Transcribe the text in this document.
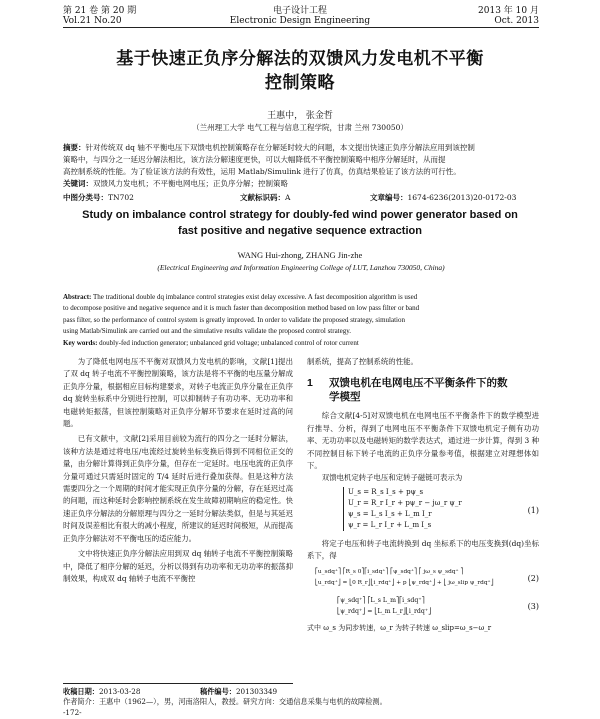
第 21 卷 第 20 期
Vol.21 No.20
电子设计工程
Electronic Design Engineering
2013 年 10 月
Oct. 2013
基于快速正负序分解法的双馈风力发电机不平衡
控制策略
王惠中， 张金哲
（兰州理工大学 电气工程与信息工程学院，甘肃 兰州 730050）
摘要：针对传统双 dq 轴不平衡电压下双馈电机控制策略存在分解延时较大的问题，本文提出快速正负序分解法应用到该控制
策略中，与四分之一延迟分解法相比，该方法分解速度更快，可以大幅降低不平衡控制策略中相序分解延时，从而提
高控制系统的性能。为了验证该方法的有效性，运用 Matlab/Simulink 进行了仿真，仿真结果验证了该方法的可行性。
关键词：双馈风力发电机；不平衡电网电压；正负序分解；控制策略
中图分类号：TN702	文献标识码：A	文章编号：1674-6236(2013)20-0172-03
Study on imbalance control strategy for doubly-fed wind power generator based on
fast positive and negative sequence extraction
WANG Hui-zhong, ZHANG Jin-zhe
(Electrical Engineering and Information Engineering College of LUT, Lanzhou 730050, China)
Abstract: The traditional double dq imbalance control strategies exist delay excessive. A fast decomposition algorithm is used
to decompose positive and negative sequence and it is much faster than decomposition method based on low pass filter or band
pass filter, so the performance of control system is greatly improved. In order to validate the proposed strategy, simulation
using Matlab/Simulink are carried out and the simulative results validate the proposed control strategy.
Key words: doubly-fed induction generator; unbalanced grid voltage; unbalanced control of rotor current

为了降低电网电压不平衡对双馈风力发电机的影响，文献[1]提出了双 dq 转子电流不平衡控制策略，该方法是将不平衡的电压量分解成正负序分量，根据相应目标构建要求，对转子电流正负序分量在正负序 dq 旋转坐标系中分别进行控制，可以抑制转子有功功率、无功功率和电磁转矩振荡，但该控制策略对正负序分解环节要求在延时过高的问题。

已有文献中，文献[2]采用目前较为流行的四分之一延时分解法，该种方法是通过将电压/电流经过旋转坐标变换后得到不同相位正交的量，由分解计算得到正负序分量，但存在一定延时。电压电流的正负序分量可通过只需延时固定的 T/4 延时后进行叠加获得。但是这种方法需要四分之一个周期的时间才能实现正负序分量的分解，存在延迟过高的问题，而这种延时会影响控制系统在发生故障初期响应的稳定性。快速正负序分解法的分解原理与四分之一延时分解法类似，但是与其延迟时间及误差相比有很大的减小程度，所建议的延迟时间极短，从而提高正负序分解法对不平衡电压的适应能力。

文中将快速正负序分解法应用到双 dq 轴转子电流不平衡控制策略中，降低了相序分解的延迟，分析以得到有功功率和无功功率的振荡抑制效果，构成双 dq 轴转子电流不平衡控

制系统，提高了控制系统的性能。
1	双馈电机在电网电压不平衡条件下的数
学模型

综合文献[4-5]对双馈电机在电网电压不平衡条件下的数学模型进行推导、分析，得到了电网电压不平衡条件下双馈电机定子侧有功功率、无功功率以及电磁转矩的数学表达式，通过进一步计算，得到 3 种不同控制目标下转子电流的正负序分量参考值，根据建立对理想体如下。

双馈电机定转子电压和定转子磁链可表示为

U_s = R_s I_s + pψ_s
U_r = R_r I_r + pψ_r − jω_r ψ_r
ψ_s = L_s I_s + L_m I_r
ψ_r = L_r I_r + L_m I_s
(1)

将定子电压和转子电流转换到 dq 坐标系下的电压变换到(dq)坐标系下，得

⎡u_sdq⁺⎤ ⎡R_s 0⎤⎡i_sdq⁺⎤ ⎡ψ_sdq⁺⎤ ⎡ jω_s ψ_sdq⁺ ⎤
⎣u_rdq⁺⎦ = ⎣0 R_r⎦⎣i_rdq⁺⎦ + p ⎣ψ_rdq⁺⎦ + ⎣ jω_slip ψ_rdq⁺⎦	(2)
⎡ψ_sdq⁺⎤ ⎡L_s L_m⎤⎡i_sdq⁺⎤
⎣ψ_rdq⁺⎦ = ⎣L_m L_r⎦⎣i_rdq⁺⎦
(3)
式中 ω_s 为同步转速，ω_r 为转子转速 ω_slip=ω_s−ω_r
收稿日期：2013-03-28	稿件编号：201303349
作者简介：王惠中（1962—），男，河南洛阳人，教授。研究方向：交通信息采集与电机的故障检测。
-172-
